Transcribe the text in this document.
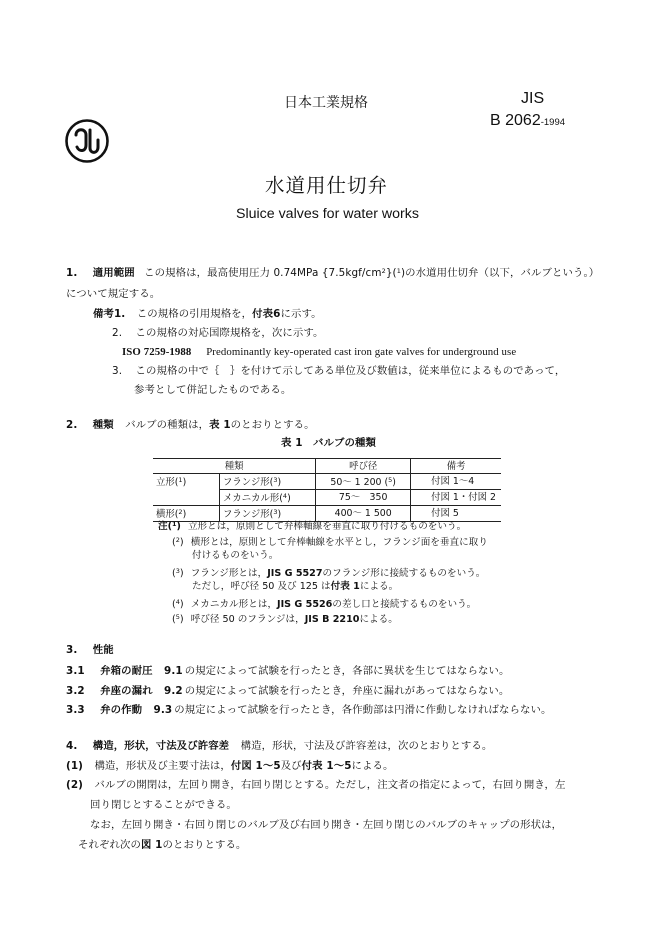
日本工業規格	JIS
B 2062-1994
水道用仕切弁
Sluice valves for water works
1. 適用範囲 この規格は，最高使用圧力 0.74MPa $\{7.5kgf/cm^2\}(^1)$の水道用仕切弁（以下，バルブという。）
について規定する。
備考1. この規格の引用規格を，付表6に示す。
2. この規格の対応国際規格を，次に示す。
ISO 7259-1988 Predominantly key-operated cast iron gate valves for underground use
3. この規格の中で｛　｝を付けて示してある単位及び数値は，従来単位によるものであって，
参考として併記したものである。
2. 種類 バルブの種類は，表 1のとおりとする。
表 1　バルブの種類
種類		呼び径	備考
立形($^1$)	フランジ形($^3$)	50〜 1 200 ($^5$)	付図 1〜4
	メカニカル形($^4$)	75〜　350	付図 1・付図 2
横形($^2$)	フランジ形($^3$)	400〜 1 500	付図 5
注($^1$) 立形とは，原則として弁棒軸線を垂直に取り付けるものをいう。
($^2$) 横形とは，原則として弁棒軸線を水平とし，フランジ面を垂直に取り
付けるものをいう。
($^3$) フランジ形とは，JIS G 5527のフランジ形に接続するものをいう。
ただし，呼び径 50 及び 125 は付表 1による。
($^4$) メカニカル形とは，JIS G 5526の差し口と接続するものをいう。
($^5$) 呼び径 50 のフランジは，JIS B 2210による。
3. 性能
3.1 弁箱の耐圧 9.1 の規定によって試験を行ったとき，各部に異状を生じてはならない。
3.2 弁座の漏れ 9.2 の規定によって試験を行ったとき，弁座に漏れがあってはならない。
3.3 弁の作動 9.3 の規定によって試験を行ったとき，各作動部は円滑に作動しなければならない。
4. 構造，形状，寸法及び許容差 構造，形状，寸法及び許容差は，次のとおりとする。
(1) 構造，形状及び主要寸法は，付図 1〜5及び付表 1〜5による。
(2) バルブの開閉は，左回り開き，右回り閉じとする。ただし，注文者の指定によって，右回り開き，左
回り閉じとすることができる。
なお，左回り開き・右回り閉じのバルブ及び右回り開き・左回り閉じのバルブのキャップの形状は，
それぞれ次の図 1のとおりとする。
